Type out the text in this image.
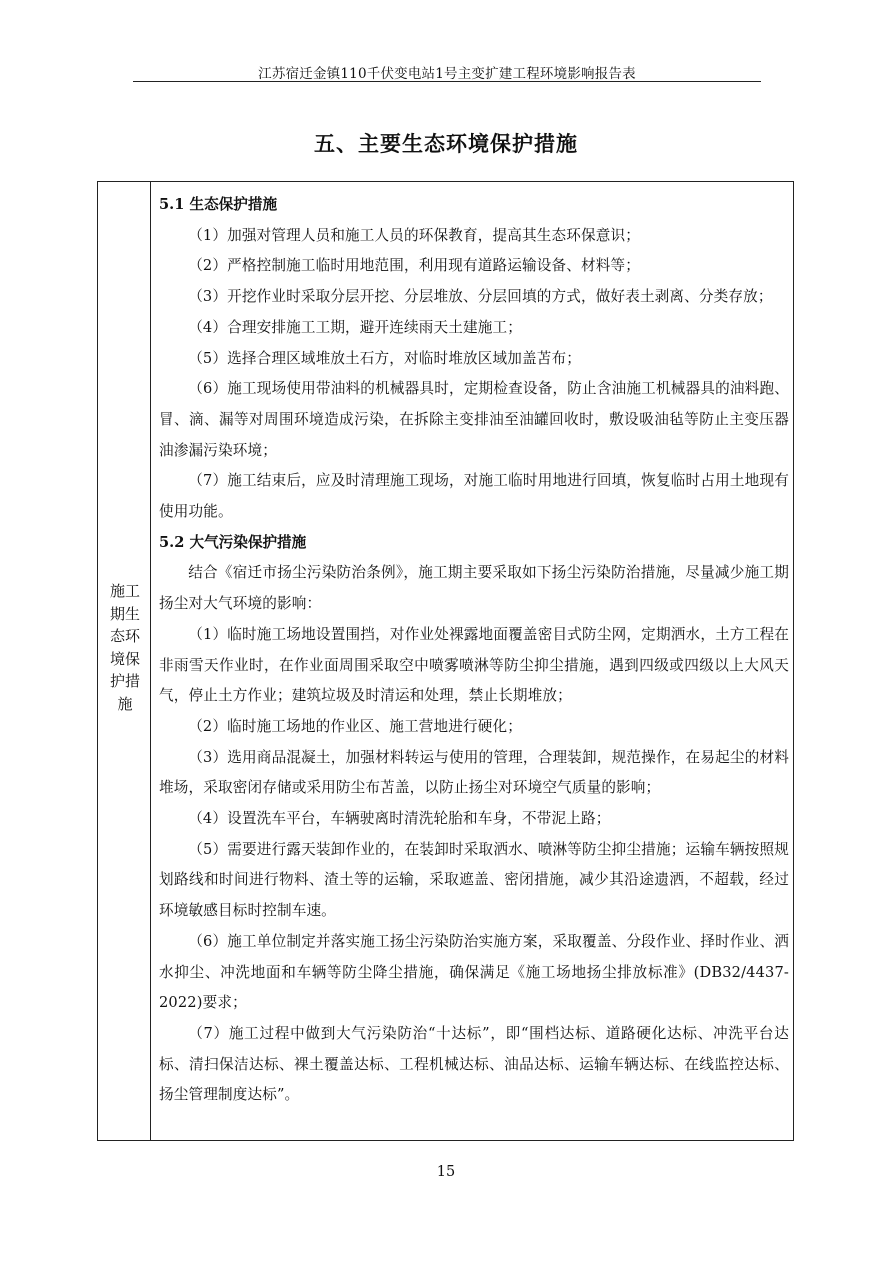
江苏宿迁金镇110千伏变电站1号主变扩建工程环境影响报告表
五、主要生态环境保护措施
施工期生态环境保护措施
5.1 生态保护措施

（1）加强对管理人员和施工人员的环保教育，提高其生态环保意识；

（2）严格控制施工临时用地范围，利用现有道路运输设备、材料等；

（3）开挖作业时采取分层开挖、分层堆放、分层回填的方式，做好表土剥离、分类存放；

（4）合理安排施工工期，避开连续雨天土建施工；

（5）选择合理区域堆放土石方，对临时堆放区域加盖苫布；

（6）施工现场使用带油料的机械器具时，定期检查设备，防止含油施工机械器具的油料跑、冒、滴、漏等对周围环境造成污染，在拆除主变排油至油罐回收时，敷设吸油毡等防止主变压器油渗漏污染环境；

（7）施工结束后，应及时清理施工现场，对施工临时用地进行回填，恢复临时占用土地现有使用功能。

5.2 大气污染保护措施

结合《宿迁市扬尘污染防治条例》，施工期主要采取如下扬尘污染防治措施，尽量减少施工期扬尘对大气环境的影响：

（1）临时施工场地设置围挡，对作业处裸露地面覆盖密目式防尘网，定期洒水，土方工程在非雨雪天作业时，在作业面周围采取空中喷雾喷淋等防尘抑尘措施，遇到四级或四级以上大风天气，停止土方作业；建筑垃圾及时清运和处理，禁止长期堆放；

（2）临时施工场地的作业区、施工营地进行硬化；

（3）选用商品混凝土，加强材料转运与使用的管理，合理装卸，规范操作，在易起尘的材料堆场，采取密闭存储或采用防尘布苫盖，以防止扬尘对环境空气质量的影响；

（4）设置洗车平台，车辆驶离时清洗轮胎和车身，不带泥上路；

（5）需要进行露天装卸作业的，在装卸时采取洒水、喷淋等防尘抑尘措施；运输车辆按照规划路线和时间进行物料、渣土等的运输，采取遮盖、密闭措施，减少其沿途遗洒，不超载，经过环境敏感目标时控制车速。

（6）施工单位制定并落实施工扬尘污染防治实施方案，采取覆盖、分段作业、择时作业、洒水抑尘、冲洗地面和车辆等防尘降尘措施，确保满足《施工场地扬尘排放标准》(DB32/4437-2022)要求；

（7）施工过程中做到大气污染防治“十达标”，即“围档达标、道路硬化达标、冲洗平台达标、清扫保洁达标、裸土覆盖达标、工程机械达标、油品达标、运输车辆达标、在线监控达标、扬尘管理制度达标”。

15
